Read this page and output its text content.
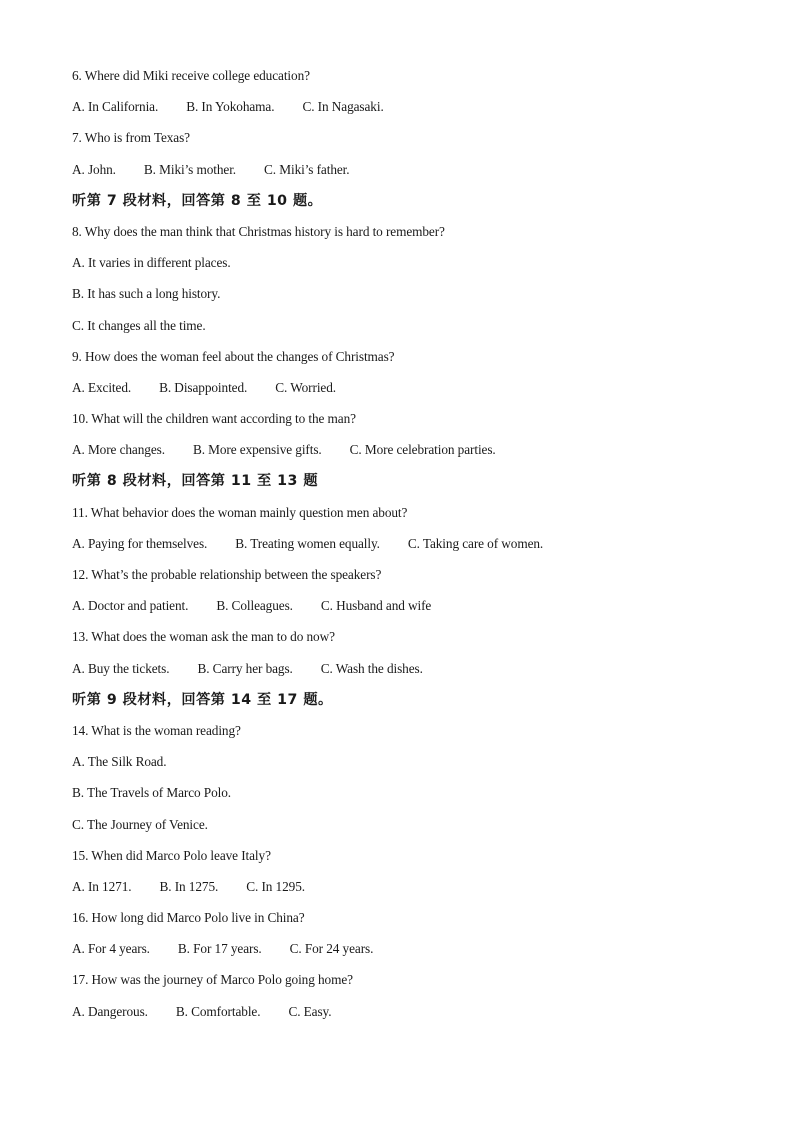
6. Where did Miki receive college education?
A. In California. B. In Yokohama. C. In Nagasaki.
7. Who is from Texas?
A. John. B. Miki’s mother. C. Miki’s father.
听第 7 段材料，回答第 8 至 10 题。
8. Why does the man think that Christmas history is hard to remember?
A. It varies in different places.
B. It has such a long history.
C. It changes all the time.
9. How does the woman feel about the changes of Christmas?
A. Excited. B. Disappointed. C. Worried.
10. What will the children want according to the man?
A. More changes. B. More expensive gifts. C. More celebration parties.
听第 8 段材料，回答第 11 至 13 题
11. What behavior does the woman mainly question men about?
A. Paying for themselves. B. Treating women equally. C. Taking care of women.
12. What’s the probable relationship between the speakers?
A. Doctor and patient. B. Colleagues. C. Husband and wife
13. What does the woman ask the man to do now?
A. Buy the tickets. B. Carry her bags. C. Wash the dishes.
听第 9 段材料，回答第 14 至 17 题。
14. What is the woman reading?
A. The Silk Road.
B. The Travels of Marco Polo.
C. The Journey of Venice.
15. When did Marco Polo leave Italy?
A. In 1271. B. In 1275. C. In 1295.
16. How long did Marco Polo live in China?
A. For 4 years. B. For 17 years. C. For 24 years.
17. How was the journey of Marco Polo going home?
A. Dangerous. B. Comfortable. C. Easy.
